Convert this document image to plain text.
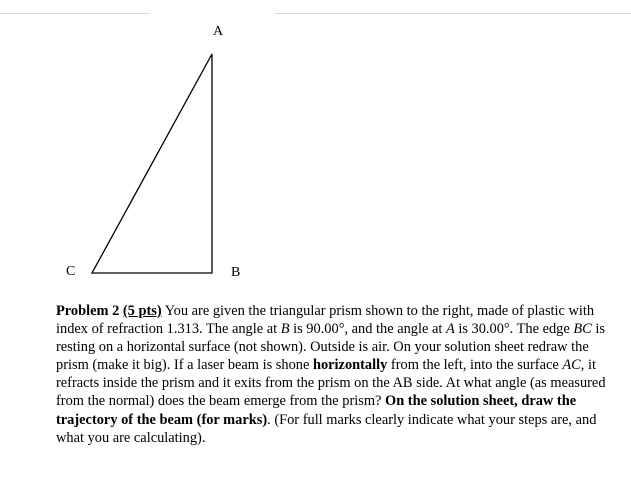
A
B
C
Problem 2 (5 pts) You are given the triangular prism shown to the right, made of plastic with index of refraction 1.313. The angle at B is 90.00°, and the angle at A is 30.00°. The edge BC is resting on a horizontal surface (not shown). Outside is air. On your solution sheet redraw the prism (make it big). If a laser beam is shone horizontally from the left, into the surface AC, it refracts inside the prism and it exits from the prism on the AB side. At what angle (as measured from the normal) does the beam emerge from the prism? On the solution sheet, draw the trajectory of the beam (for marks). (For full marks clearly indicate what your steps are, and what you are calculating).
